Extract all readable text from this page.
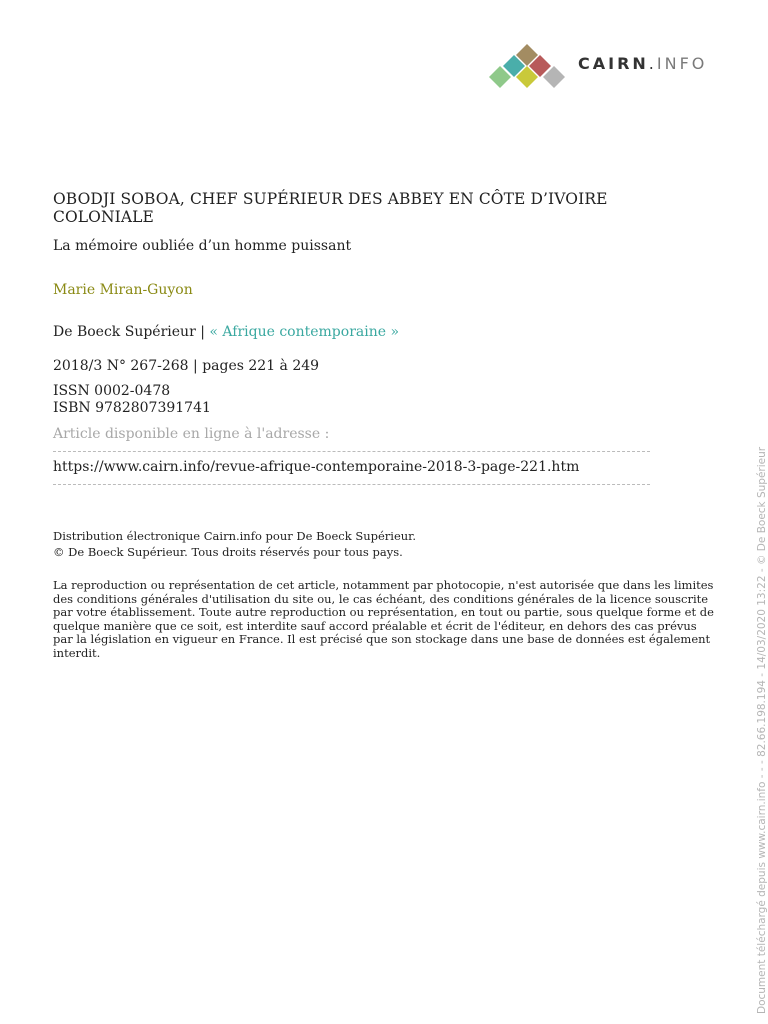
CAIRN.INFO
OBODJI SOBOA, CHEF SUPÉRIEUR DES ABBEY EN CÔTE D’IVOIRE COLONIALE

La mémoire oubliée d’un homme puissant

Marie Miran-Guyon
De Boeck Supérieur | « Afrique contemporaine »
2018/3 N° 267-268 | pages 221 à 249
ISSN 0002-0478
ISBN 9782807391741
Article disponible en ligne à l'adresse :
https://www.cairn.info/revue-afrique-contemporaine-2018-3-page-221.htm
Distribution électronique Cairn.info pour De Boeck Supérieur.
© De Boeck Supérieur. Tous droits réservés pour tous pays.

La reproduction ou représentation de cet article, notamment par photocopie, n'est autorisée que dans les limites des conditions générales d'utilisation du site ou, le cas échéant, des conditions générales de la licence souscrite par votre établissement. Toute autre reproduction ou représentation, en tout ou partie, sous quelque forme et de quelque manière que ce soit, est interdite sauf accord préalable et écrit de l'éditeur, en dehors des cas prévus par la législation en vigueur en France. Il est précisé que son stockage dans une base de données est également interdit.	Document téléchargé depuis www.cairn.info - - - 82.66.198.194 - 14/03/2020 13:22 - © De Boeck Supérieur
